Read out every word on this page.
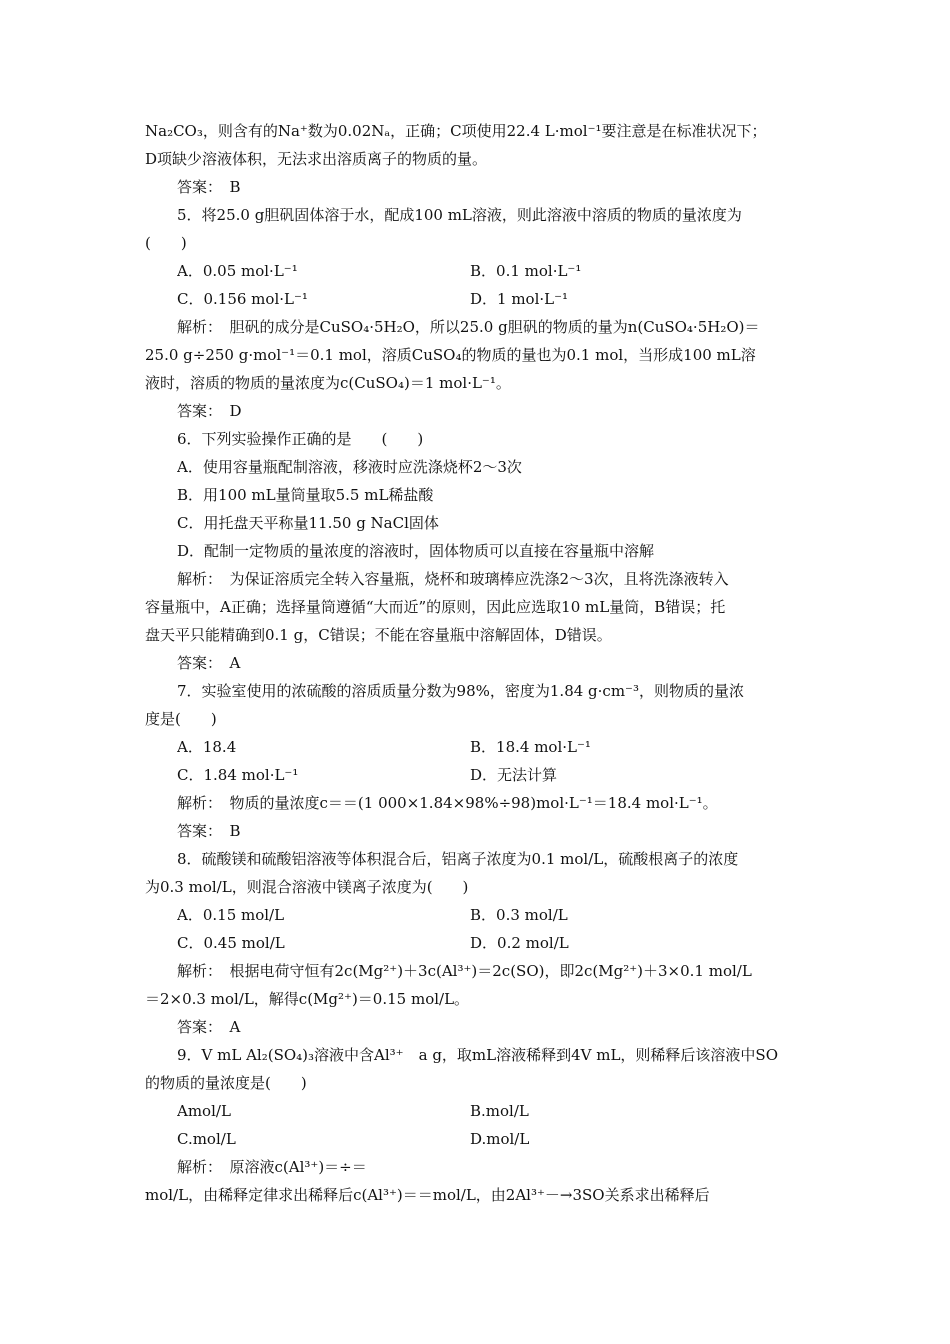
Na₂CO₃，则含有的Na⁺数为0.02Nₐ，正确；C项使用22.4 L·mol⁻¹要注意是在标准状况下；
D项缺少溶液体积，无法求出溶质离子的物质的量。
答案：　B
5．将25.0 g胆矾固体溶于水，配成100 mL溶液，则此溶液中溶质的物质的量浓度为
(　　)
A．0.05 mol·L⁻¹	B．0.1 mol·L⁻¹
C．0.156 mol·L⁻¹	D．1 mol·L⁻¹
解析：　胆矾的成分是CuSO₄·5H₂O，所以25.0 g胆矾的物质的量为n(CuSO₄·5H₂O)＝
25.0 g÷250 g·mol⁻¹＝0.1 mol，溶质CuSO₄的物质的量也为0.1 mol，当形成100 mL溶
液时，溶质的物质的量浓度为c(CuSO₄)＝1 mol·L⁻¹。
答案：　D
6．下列实验操作正确的是　　(　　)
A．使用容量瓶配制溶液，移液时应洗涤烧杯2～3次
B．用100 mL量筒量取5.5 mL稀盐酸
C．用托盘天平称量11.50 g NaCl固体
D．配制一定物质的量浓度的溶液时，固体物质可以直接在容量瓶中溶解
解析：　为保证溶质完全转入容量瓶，烧杯和玻璃棒应洗涤2～3次，且将洗涤液转入
容量瓶中，A正确；选择量筒遵循“大而近”的原则，因此应选取10 mL量筒，B错误；托
盘天平只能精确到0.1 g，C错误；不能在容量瓶中溶解固体，D错误。
答案：　A
7．实验室使用的浓硫酸的溶质质量分数为98%，密度为1.84 g·cm⁻³，则物质的量浓
度是(　　)
A．18.4	B．18.4 mol·L⁻¹
C．1.84 mol·L⁻¹	D．无法计算
解析：　物质的量浓度c＝＝(1 000×1.84×98%÷98)mol·L⁻¹＝18.4 mol·L⁻¹。
答案：　B
8．硫酸镁和硫酸铝溶液等体积混合后，铝离子浓度为0.1 mol/L，硫酸根离子的浓度
为0.3 mol/L，则混合溶液中镁离子浓度为(　　)
A．0.15 mol/L	B．0.3 mol/L
C．0.45 mol/L	D．0.2 mol/L
解析：　根据电荷守恒有2c(Mg²⁺)＋3c(Al³⁺)＝2c(SO)，即2c(Mg²⁺)＋3×0.1 mol/L
＝2×0.3 mol/L，解得c(Mg²⁺)＝0.15 mol/L。
答案：　A
9．V mL Al₂(SO₄)₃溶液中含Al³⁺　a g，取mL溶液稀释到4V mL，则稀释后该溶液中SO
的物质的量浓度是(　　)
Amol/L	B.mol/L
C.mol/L	D.mol/L
解析：　原溶液c(Al³⁺)＝÷＝
mol/L，由稀释定律求出稀释后c(Al³⁺)＝＝mol/L，由2Al³⁺－→3SO关系求出稀释后
